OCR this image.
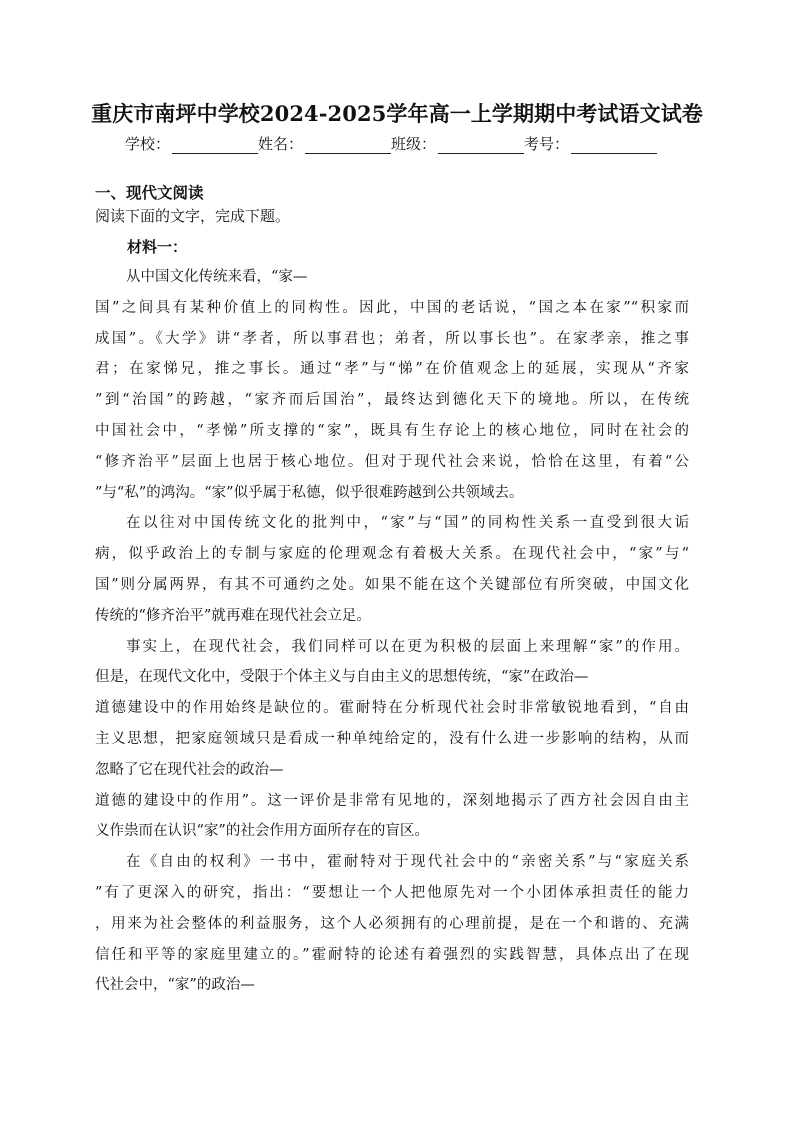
重庆市南坪中学校2024-2025学年高一上学期期中考试语文试卷
学校：	姓名：	班级：	考号：
一、现代文阅读
阅读下面的文字，完成下题。
材料一：
从中国文化传统来看，“家—
国”之间具有某种价值上的同构性。因此，中国的老话说，“国之本在家”“积家而
成国”。《大学》讲“孝者，所以事君也；弟者，所以事长也”。在家孝亲，推之事
君；在家悌兄，推之事长。通过“孝”与“悌”在价值观念上的延展，实现从“齐家
”到“治国”的跨越，“家齐而后国治”，最终达到德化天下的境地。所以，在传统
中国社会中，“孝悌”所支撑的“家”，既具有生存论上的核心地位，同时在社会的
“修齐治平”层面上也居于核心地位。但对于现代社会来说，恰恰在这里，有着“公
”与“私”的鸿沟。“家”似乎属于私德，似乎很难跨越到公共领域去。
在以往对中国传统文化的批判中，“家”与“国”的同构性关系一直受到很大诟
病，似乎政治上的专制与家庭的伦理观念有着极大关系。在现代社会中，“家”与“
国”则分属两界，有其不可通约之处。如果不能在这个关键部位有所突破，中国文化
传统的“修齐治平”就再难在现代社会立足。
事实上，在现代社会，我们同样可以在更为积极的层面上来理解“家”的作用。
但是，在现代文化中，受限于个体主义与自由主义的思想传统，“家”在政治—
道德建设中的作用始终是缺位的。霍耐特在分析现代社会时非常敏锐地看到，“自由
主义思想，把家庭领域只是看成一种单纯给定的，没有什么进一步影响的结构，从而
忽略了它在现代社会的政治—
道德的建设中的作用”。这一评价是非常有见地的，深刻地揭示了西方社会因自由主
义作祟而在认识“家”的社会作用方面所存在的盲区。
在《自由的权利》一书中，霍耐特对于现代社会中的“亲密关系”与“家庭关系
”有了更深入的研究，指出：“要想让一个人把他原先对一个小团体承担责任的能力
，用来为社会整体的利益服务，这个人必须拥有的心理前提，是在一个和谐的、充满
信任和平等的家庭里建立的。”霍耐特的论述有着强烈的实践智慧，具体点出了在现
代社会中，“家”的政治—
